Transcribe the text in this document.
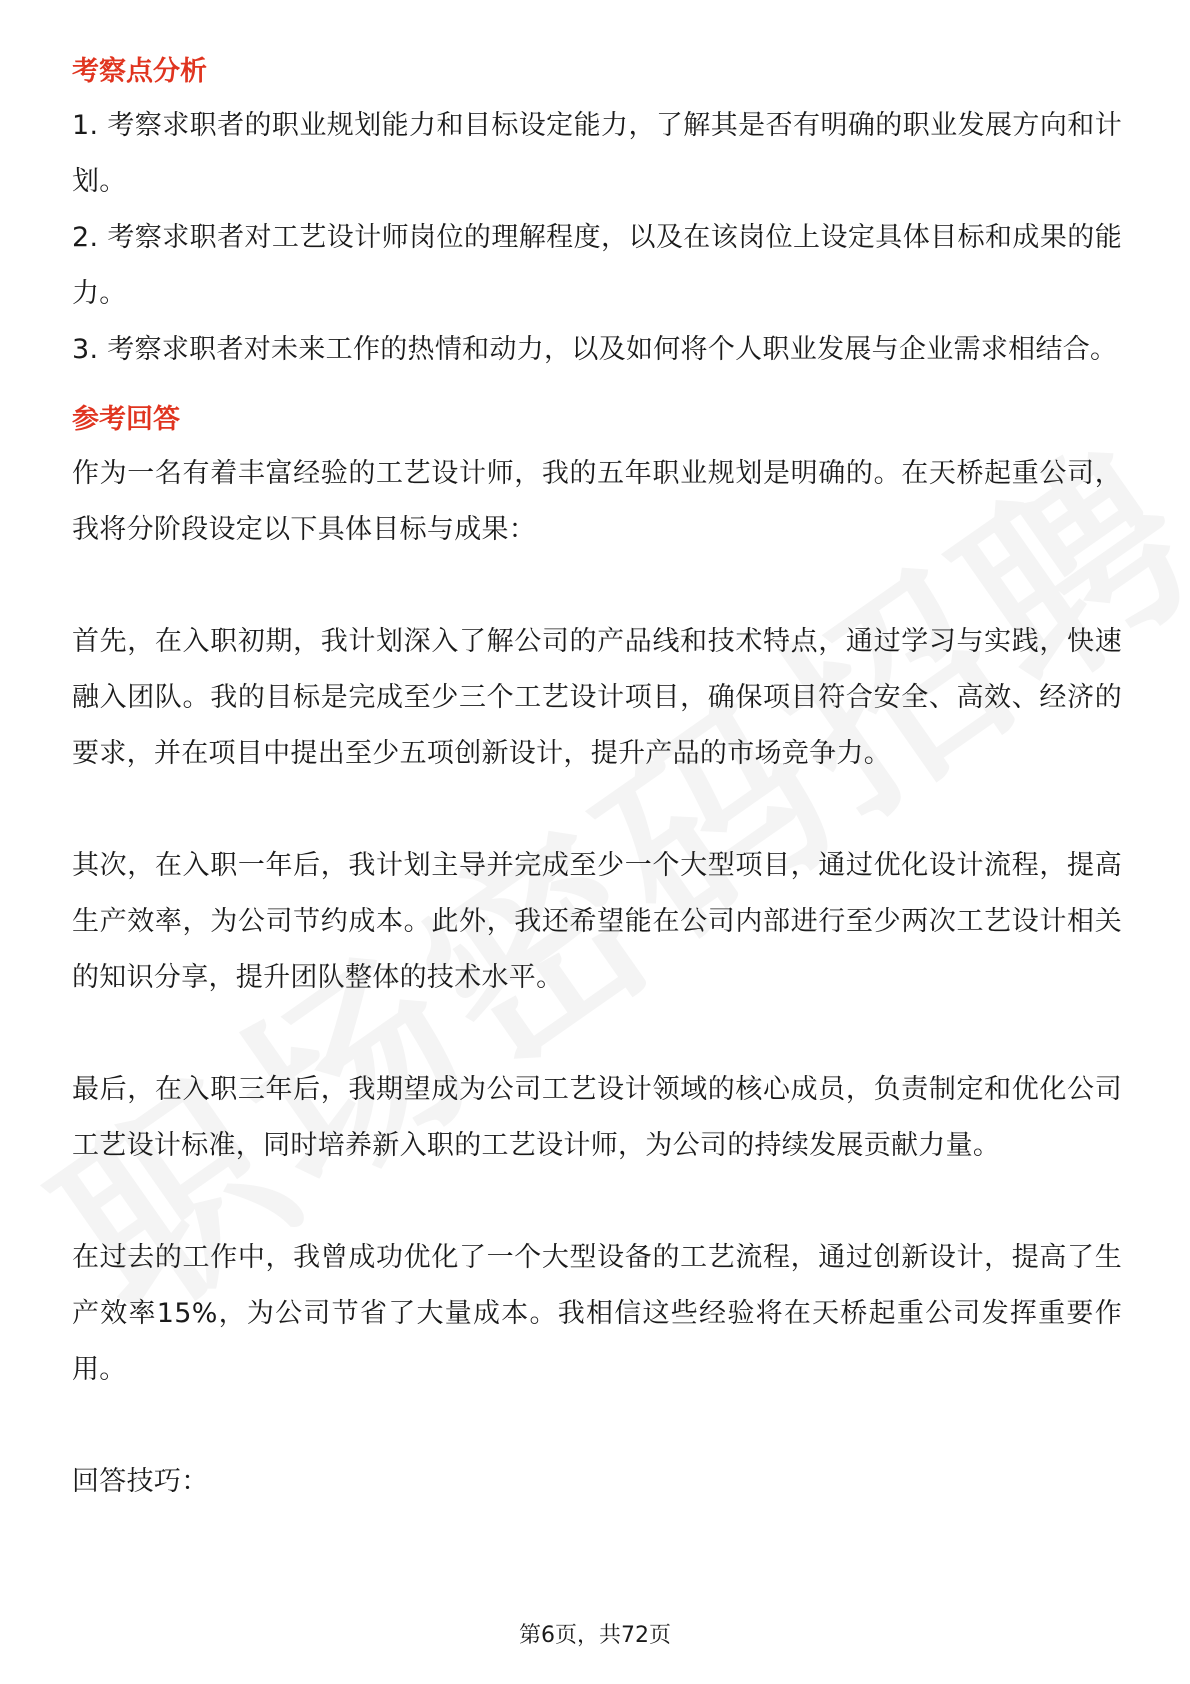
考察点分析

1. 考察求职者的职业规划能力和目标设定能力，了解其是否有明确的职业发展方向和计划。

2. 考察求职者对工艺设计师岗位的理解程度，以及在该岗位上设定具体目标和成果的能力。

3. 考察求职者对未来工作的热情和动力，以及如何将个人职业发展与企业需求相结合。

参考回答

作为一名有着丰富经验的工艺设计师，我的五年职业规划是明确的。在天桥起重公司，我将分阶段设定以下具体目标与成果：

首先，在入职初期，我计划深入了解公司的产品线和技术特点，通过学习与实践，快速融入团队。我的目标是完成至少三个工艺设计项目，确保项目符合安全、高效、经济的要求，并在项目中提出至少五项创新设计，提升产品的市场竞争力。

其次，在入职一年后，我计划主导并完成至少一个大型项目，通过优化设计流程，提高生产效率，为公司节约成本。此外，我还希望能在公司内部进行至少两次工艺设计相关的知识分享，提升团队整体的技术水平。

最后，在入职三年后，我期望成为公司工艺设计领域的核心成员，负责制定和优化公司工艺设计标准，同时培养新入职的工艺设计师，为公司的持续发展贡献力量。

在过去的工作中，我曾成功优化了一个大型设备的工艺流程，通过创新设计，提高了生产效率15%，为公司节省了大量成本。我相信这些经验将在天桥起重公司发挥重要作用。

回答技巧：

第6页，共72页
